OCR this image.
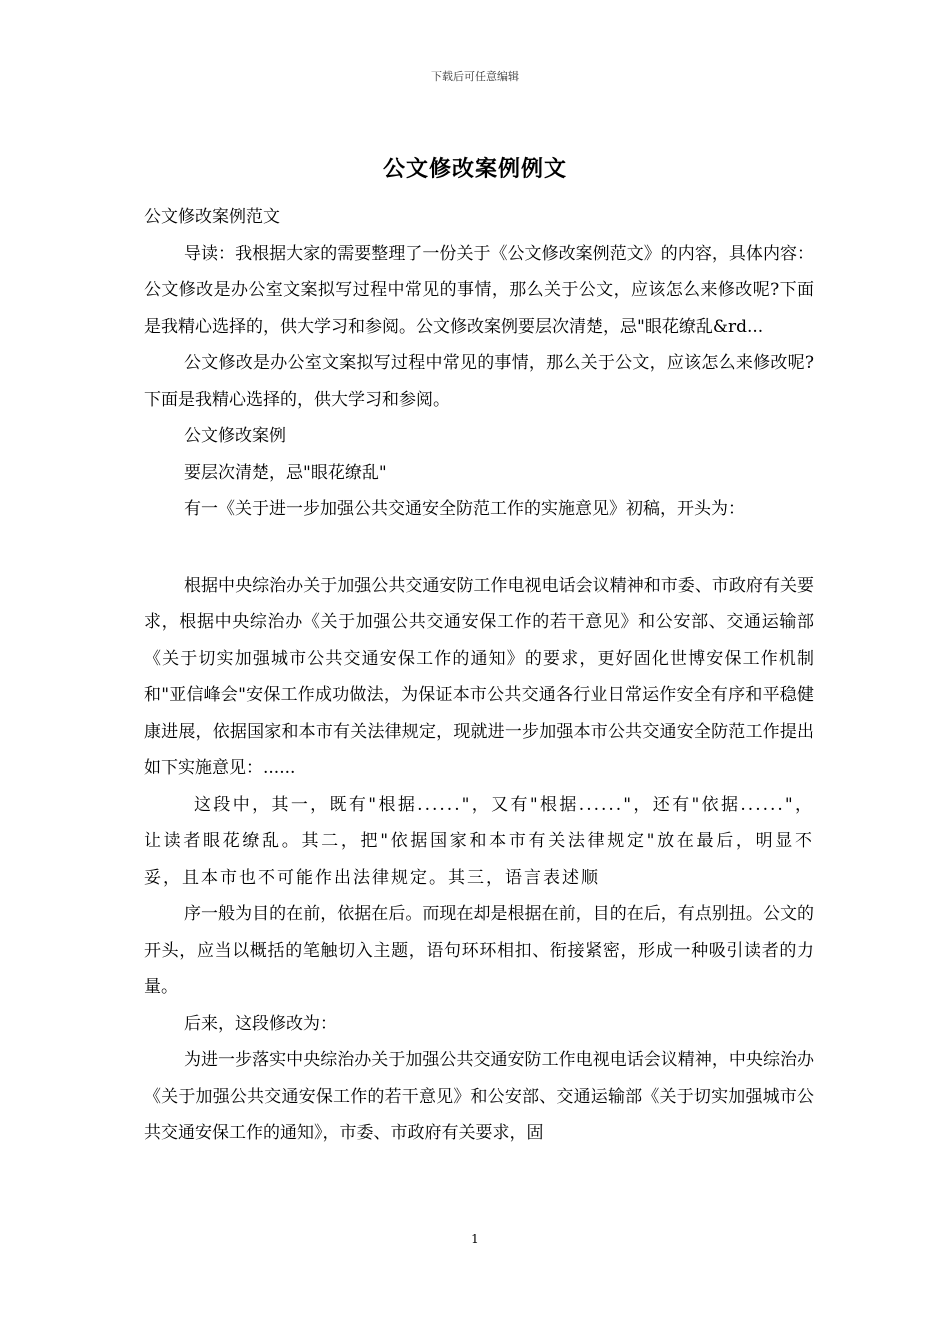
下载后可任意编辑
公文修改案例例文

公文修改案例范文

导读：我根据大家的需要整理了一份关于《公文修改案例范文》的内容，具体内容：公文修改是办公室文案拟写过程中常见的事情，那么关于公文，应该怎么来修改呢?下面是我精心选择的，供大学习和参阅。公文修改案例要层次清楚，忌"眼花缭乱&rd...

公文修改是办公室文案拟写过程中常见的事情，那么关于公文，应该怎么来修改呢?下面是我精心选择的，供大学习和参阅。

公文修改案例

要层次清楚，忌"眼花缭乱"

有一《关于进一步加强公共交通安全防范工作的实施意见》初稿，开头为：

根据中央综治办关于加强公共交通安防工作电视电话会议精神和市委、市政府有关要求，根据中央综治办《关于加强公共交通安保工作的若干意见》和公安部、交通运输部《关于切实加强城市公共交通安保工作的通知》的要求，更好固化世博安保工作机制和"亚信峰会"安保工作成功做法，为保证本市公共交通各行业日常运作安全有序和平稳健康进展，依据国家和本市有关法律规定，现就进一步加强本市公共交通安全防范工作提出如下实施意见：......

这段中，其一，既有"根据......"，又有"根据......"，还有"依据......"，让读者眼花缭乱。其二，把"依据国家和本市有关法律规定"放在最后，明显不妥，且本市也不可能作出法律规定。其三，语言表述顺

序一般为目的在前，依据在后。而现在却是根据在前，目的在后，有点别扭。公文的开头，应当以概括的笔触切入主题，语句环环相扣、衔接紧密，形成一种吸引读者的力量。

后来，这段修改为：

为进一步落实中央综治办关于加强公共交通安防工作电视电话会议精神，中央综治办《关于加强公共交通安保工作的若干意见》和公安部、交通运输部《关于切实加强城市公共交通安保工作的通知》，市委、市政府有关要求，固

1
